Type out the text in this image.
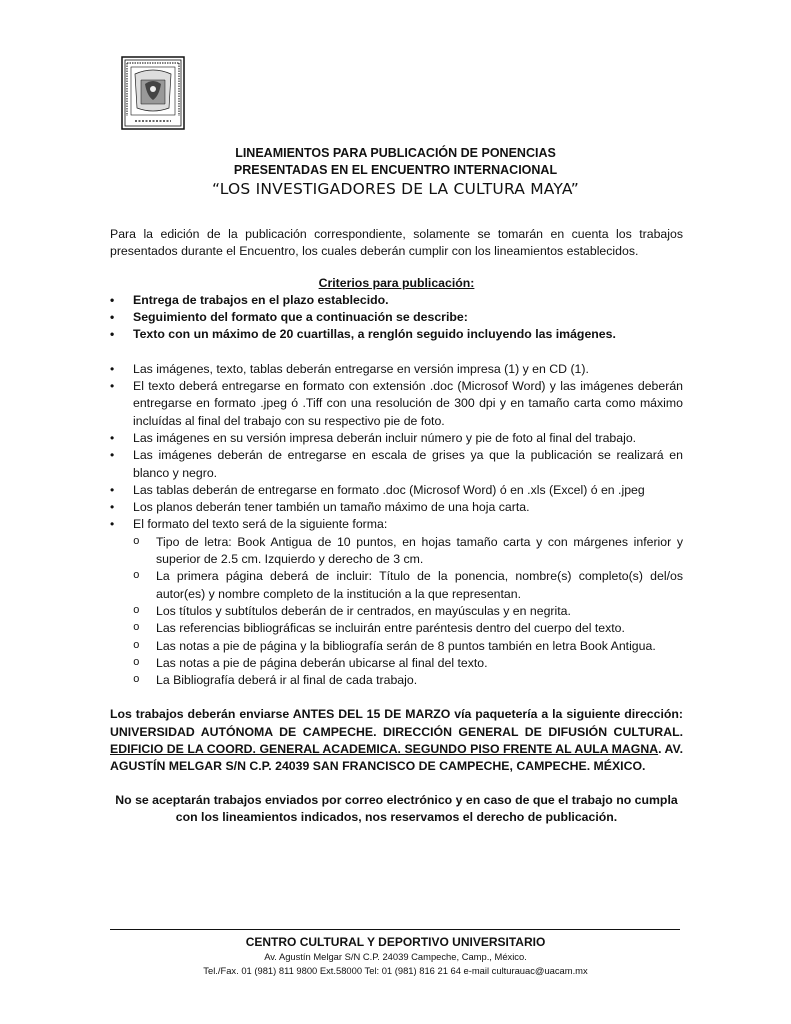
LINEAMIENTOS PARA PUBLICACIÓN DE PONENCIAS
PRESENTADAS EN EL ENCUENTRO INTERNACIONAL
“LOS INVESTIGADORES DE LA CULTURA MAYA”

Para la edición de la publicación correspondiente, solamente se tomarán en cuenta los trabajos presentados durante el Encuentro, los cuales deberán cumplir con los lineamientos establecidos.

Criterios para publicación:

• Entrega de trabajos en el plazo establecido.
• Seguimiento del formato que a continuación se describe:
• Texto con un máximo de 20 cuartillas, a renglón seguido incluyendo las imágenes.
• Las imágenes, texto, tablas deberán entregarse en versión impresa (1) y en CD (1).
• El texto deberá entregarse en formato con extensión .doc (Microsof Word) y las imágenes deberán entregarse en formato .jpeg ó .Tiff con una resolución de 300 dpi y en tamaño carta como máximo incluídas al final del trabajo con su respectivo pie de foto.
• Las imágenes en su versión impresa deberán incluir número y pie de foto al final del trabajo.
• Las imágenes deberán de entregarse en escala de grises ya que la publicación se realizará en blanco y negro.
• Las tablas deberán de entregarse en formato .doc (Microsof Word) ó en .xls (Excel) ó en .jpeg
• Los planos deberán tener también un tamaño máximo de una hoja carta.
• El formato del texto será de la siguiente forma:
o Tipo de letra: Book Antigua de 10 puntos, en hojas tamaño carta y con márgenes inferior y superior de 2.5 cm. Izquierdo y derecho de 3 cm.
o La primera página deberá de incluir: Título de la ponencia, nombre(s) completo(s) del/os autor(es) y nombre completo de la institución a la que representan.
o Los títulos y subtítulos deberán de ir centrados, en mayúsculas y en negrita.
o Las referencias bibliográficas se incluirán entre paréntesis dentro del cuerpo del texto.
o Las notas a pie de página y la bibliografía serán de 8 puntos también en letra Book Antigua.
o Las notas a pie de página deberán ubicarse al final del texto.
o La Bibliografía deberá ir al final de cada trabajo.

Los trabajos deberán enviarse ANTES DEL 15 DE MARZO vía paquetería a la siguiente dirección: UNIVERSIDAD AUTÓNOMA DE CAMPECHE. DIRECCIÓN GENERAL DE DIFUSIÓN CULTURAL. EDIFICIO DE LA COORD. GENERAL ACADEMICA. SEGUNDO PISO FRENTE AL AULA MAGNA. AV. AGUSTÍN MELGAR S/N C.P. 24039 SAN FRANCISCO DE CAMPECHE, CAMPECHE. MÉXICO.

No se aceptarán trabajos enviados por correo electrónico y en caso de que el trabajo no cumpla con los lineamientos indicados, nos reservamos el derecho de publicación.

CENTRO CULTURAL Y DEPORTIVO UNIVERSITARIO
Av. Agustín Melgar S/N C.P. 24039 Campeche, Camp., México.
Tel./Fax. 01 (981) 811 9800 Ext.58000 Tel: 01 (981) 816 21 64 e-mail culturauac@uacam.mx
